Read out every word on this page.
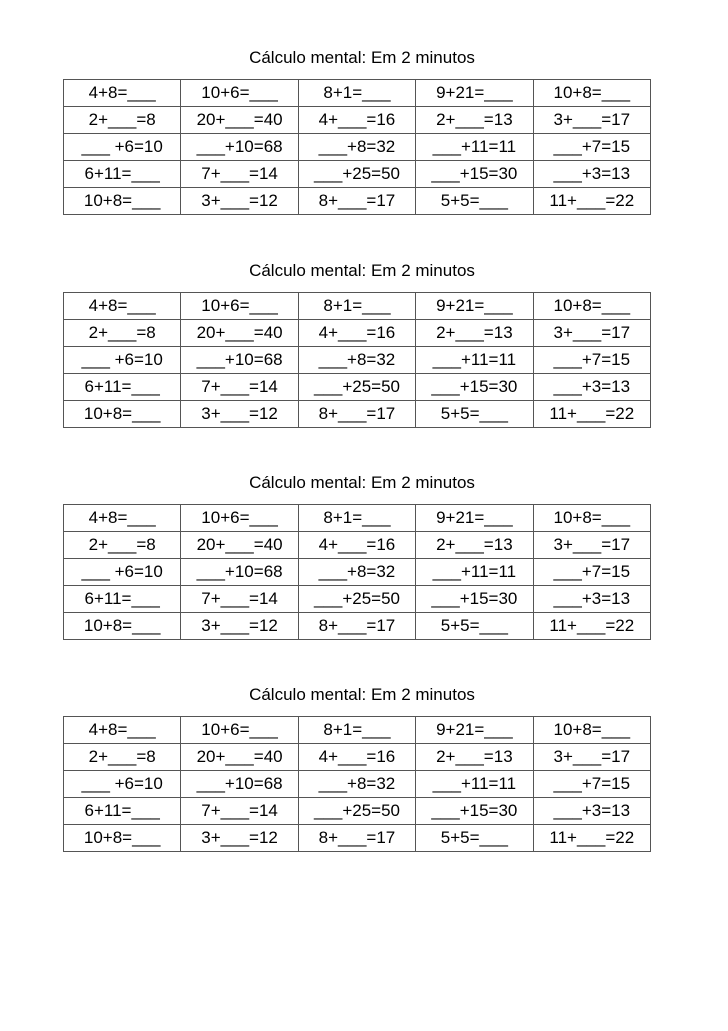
Cálculo mental: Em 2 minutos
4+8=___	10+6=___	8+1=___	9+21=___	10+8=___
2+___=8	20+___=40	4+___=16	2+___=13	3+___=17
___ +6=10	___+10=68	___+8=32	___+11=11	___+7=15
6+11=___	7+___=14	___+25=50	___+15=30	___+3=13
10+8=___	3+___=12	8+___=17	5+5=___	11+___=22
Cálculo mental: Em 2 minutos
4+8=___	10+6=___	8+1=___	9+21=___	10+8=___
2+___=8	20+___=40	4+___=16	2+___=13	3+___=17
___ +6=10	___+10=68	___+8=32	___+11=11	___+7=15
6+11=___	7+___=14	___+25=50	___+15=30	___+3=13
10+8=___	3+___=12	8+___=17	5+5=___	11+___=22
Cálculo mental: Em 2 minutos
4+8=___	10+6=___	8+1=___	9+21=___	10+8=___
2+___=8	20+___=40	4+___=16	2+___=13	3+___=17
___ +6=10	___+10=68	___+8=32	___+11=11	___+7=15
6+11=___	7+___=14	___+25=50	___+15=30	___+3=13
10+8=___	3+___=12	8+___=17	5+5=___	11+___=22
Cálculo mental: Em 2 minutos
4+8=___	10+6=___	8+1=___	9+21=___	10+8=___
2+___=8	20+___=40	4+___=16	2+___=13	3+___=17
___ +6=10	___+10=68	___+8=32	___+11=11	___+7=15
6+11=___	7+___=14	___+25=50	___+15=30	___+3=13
10+8=___	3+___=12	8+___=17	5+5=___	11+___=22
